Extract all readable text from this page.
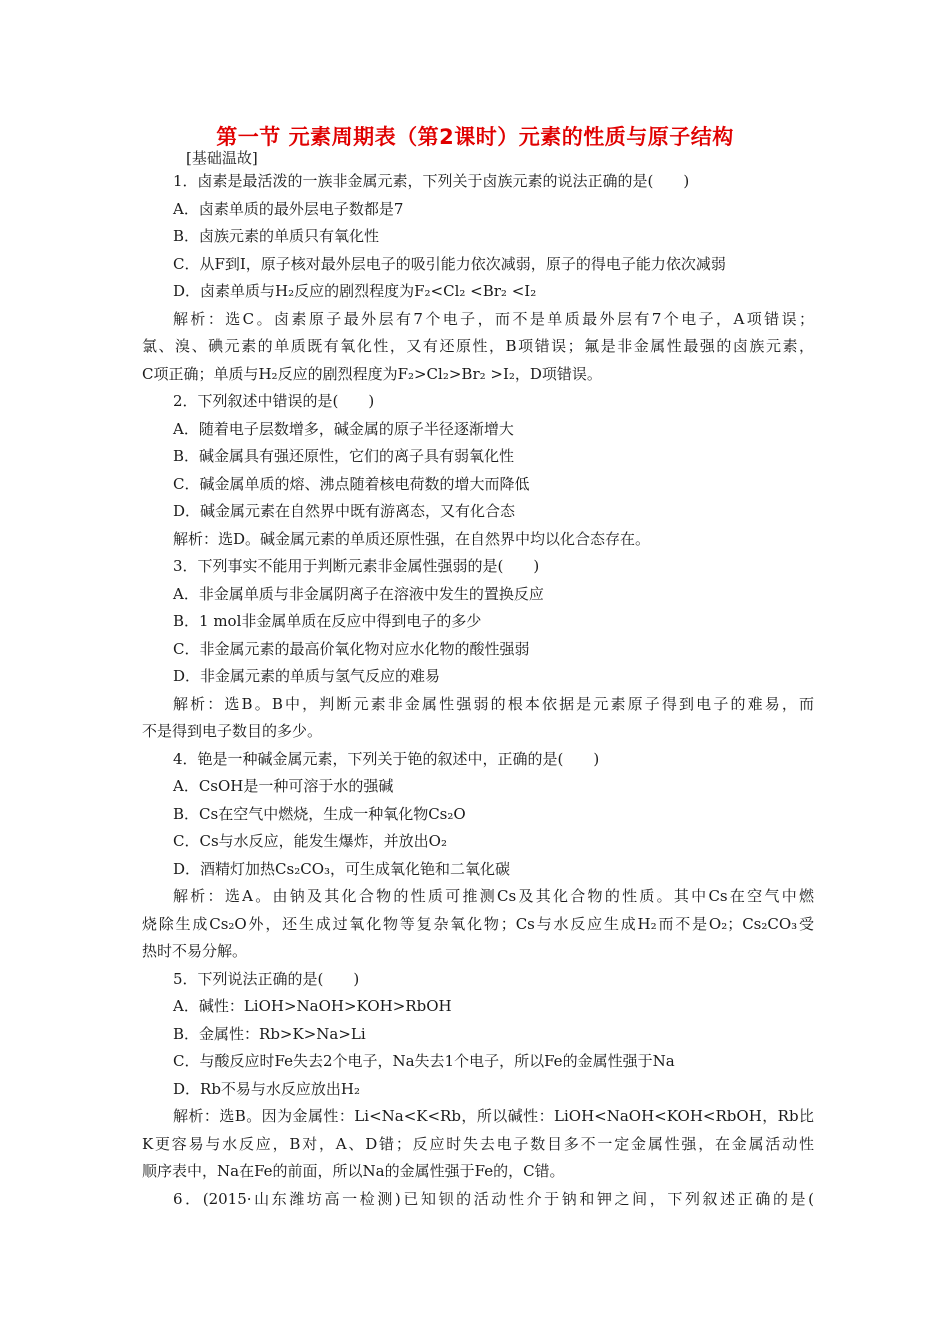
第一节 元素周期表（第2课时）元素的性质与原子结构
[基础温故]
1．卤素是最活泼的一族非金属元素，下列关于卤族元素的说法正确的是(　　)
A．卤素单质的最外层电子数都是7
B．卤族元素的单质只有氧化性
C．从F到I，原子核对最外层电子的吸引能力依次减弱，原子的得电子能力依次减弱
D．卤素单质与H₂反应的剧烈程度为F₂<Cl₂ <Br₂ <I₂
解析：选C。卤素原子最外层有7个电子，而不是单质最外层有7个电子，A项错误；
氯、溴、碘元素的单质既有氧化性，又有还原性，B项错误；氟是非金属性最强的卤族元素，
C项正确；单质与H₂反应的剧烈程度为F₂>Cl₂>Br₂ >I₂，D项错误。
2．下列叙述中错误的是(　　)
A．随着电子层数增多，碱金属的原子半径逐渐增大
B．碱金属具有强还原性，它们的离子具有弱氧化性
C．碱金属单质的熔、沸点随着核电荷数的增大而降低
D．碱金属元素在自然界中既有游离态，又有化合态
解析：选D。碱金属元素的单质还原性强，在自然界中均以化合态存在。
3．下列事实不能用于判断元素非金属性强弱的是(　　)
A．非金属单质与非金属阴离子在溶液中发生的置换反应
B．1 mol非金属单质在反应中得到电子的多少
C．非金属元素的最高价氧化物对应水化物的酸性强弱
D．非金属元素的单质与氢气反应的难易
解析：选B。B中，判断元素非金属性强弱的根本依据是元素原子得到电子的难易，而
不是得到电子数目的多少。
4．铯是一种碱金属元素，下列关于铯的叙述中，正确的是(　　)
A．CsOH是一种可溶于水的强碱
B．Cs在空气中燃烧，生成一种氧化物Cs₂O
C．Cs与水反应，能发生爆炸，并放出O₂
D．酒精灯加热Cs₂CO₃，可生成氧化铯和二氧化碳
解析：选A。由钠及其化合物的性质可推测Cs及其化合物的性质。其中Cs在空气中燃
烧除生成Cs₂O外，还生成过氧化物等复杂氧化物；Cs与水反应生成H₂而不是O₂；Cs₂CO₃受
热时不易分解。
5．下列说法正确的是(　　)
A．碱性：LiOH>NaOH>KOH>RbOH
B．金属性：Rb>K>Na>Li
C．与酸反应时Fe失去2个电子，Na失去1个电子，所以Fe的金属性强于Na
D．Rb不易与水反应放出H₂
解析：选B。因为金属性：Li<Na<K<Rb，所以碱性：LiOH<NaOH<KOH<RbOH，Rb比
K更容易与水反应，B对，A、D错；反应时失去电子数目多不一定金属性强，在金属活动性
顺序表中，Na在Fe的前面，所以Na的金属性强于Fe的，C错。
6．(2015·山东潍坊高一检测)已知钡的活动性介于钠和钾之间，下列叙述正确的是(
